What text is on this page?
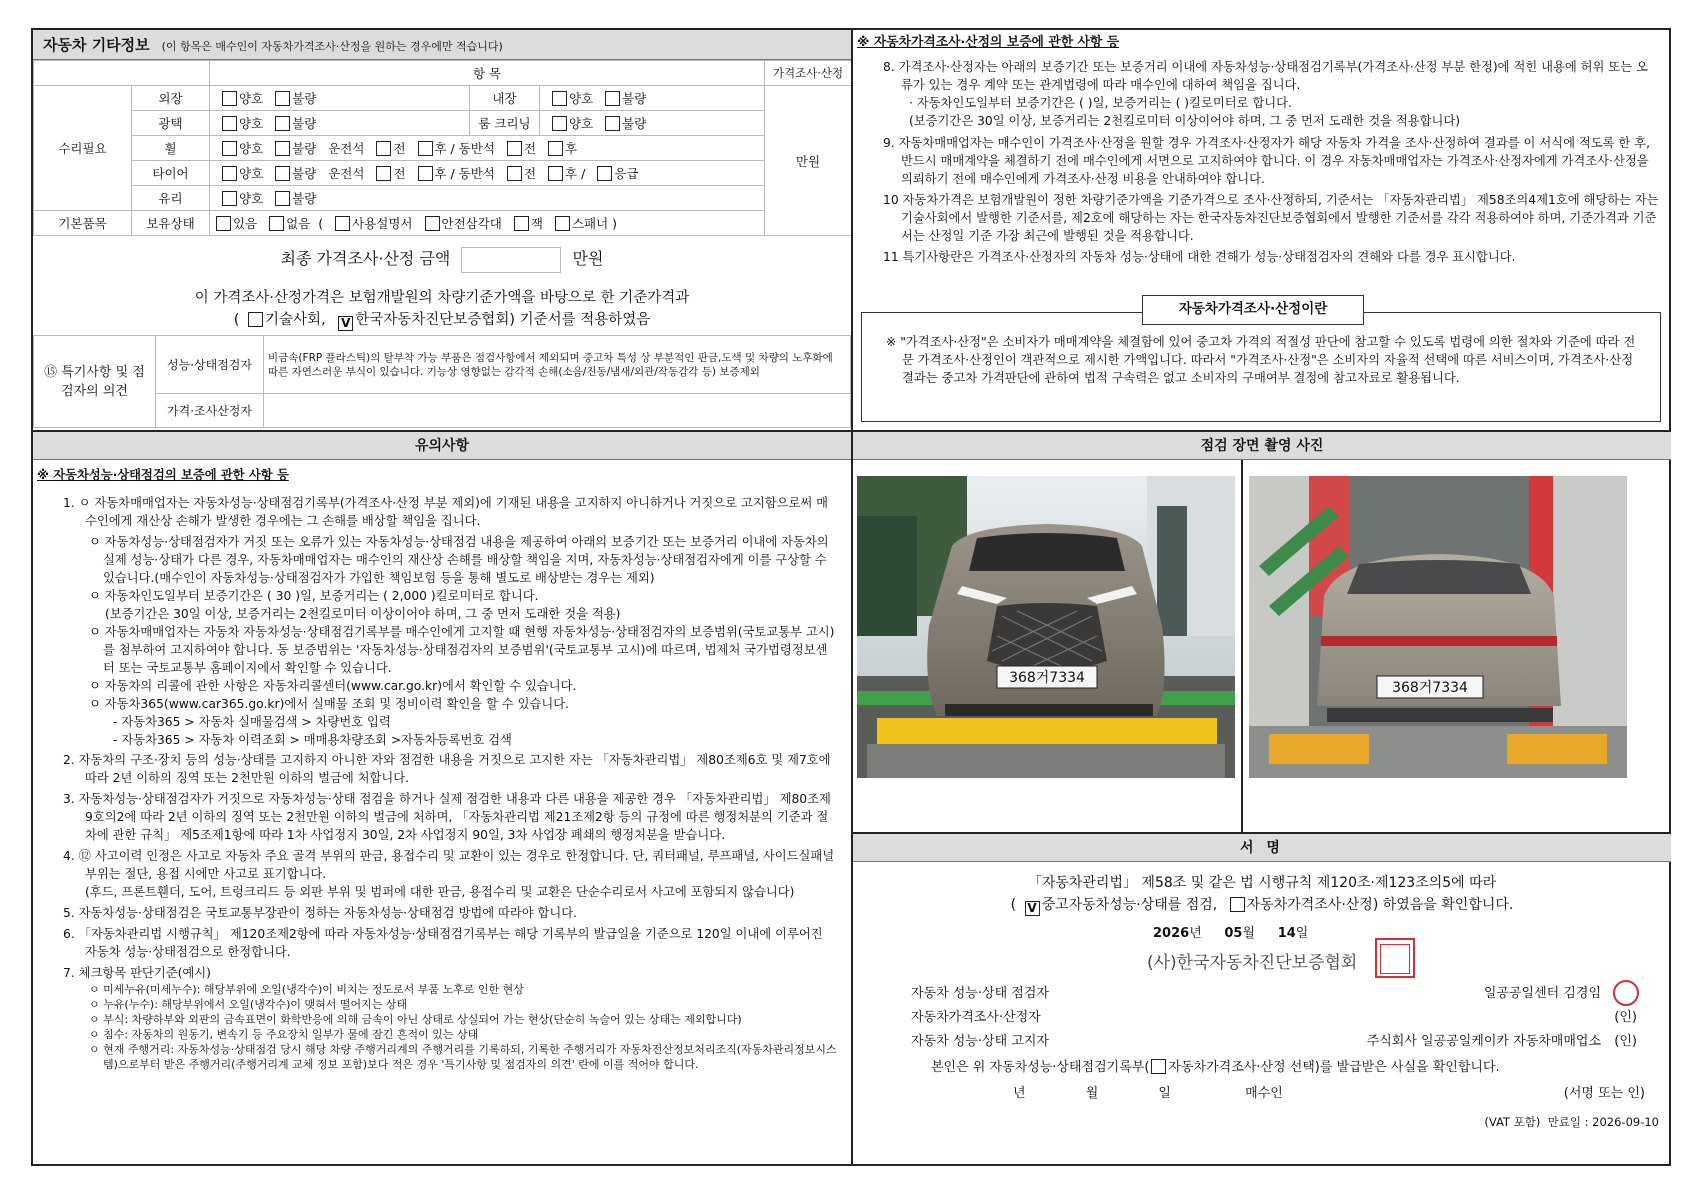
자동차 기타정보 (이 항목은 매수인이 자동차가격조사·산정을 원하는 경우에만 적습니다)
		항 목			가격조사·산정	
수리필요	외장	양호 불량	내장	양호 불량	만원	
	광택	양호 불량	룸 크리닝	양호 불량		
	휠	양호 불량 운전석 전 후 / 동반석 전 후				
	타이어	양호 불량 운전석 전 후 / 동반석 전 후 / 응급				
	유리	양호 불량				
기본품목	보유상태	있음 없음 ( 사용설명서 안전삼각대 잭 스패너 )				
최종 가격조사·산정 금액	만원
이 가격조사·산정가격은 보험개발원의 차량기준가액을 바탕으로 한 기준가격과
( 기술사회, V 한국자동차진단보증협회) 기준서를 적용하였음
⑮ 특기사항 및 점검자의 의견	성능·상태점검자	비금속(FRP 플라스틱)의 탈부착 가능 부품은 점검사항에서 제외되며 중고차 특성 상 부분적인 판금,도색 및 차량의 노후화에 따른 자연스러운 부식이 있습니다. 기능상 영향없는 감각적 손해(소음/진동/냄새/외관/작동감각 등) 보증제외
	가격·조사산정자	
유의사항
※ 자동차성능·상태점검의 보증에 관한 사항 등
1. ㅇ 자동차매매업자는 자동차성능·상태점검기록부(가격조사·산정 부분 제외)에 기재된 내용을 고지하지 아니하거나 거짓으로 고지함으로써 매수인에게 재산상 손해가 발생한 경우에는 그 손해를 배상할 책임을 집니다.
ㅇ 자동차성능·상태점검자가 거짓 또는 오류가 있는 자동차성능·상태점검 내용을 제공하여 아래의 보증기간 또는 보증거리 이내에 자동차의 실제 성능·상태가 다른 경우, 자동차매매업자는 매수인의 재산상 손해를 배상할 책임을 지며, 자동차성능·상태점검자에게 이를 구상할 수 있습니다.(매수인이 자동차성능·상태점검자가 가입한 책임보험 등을 통해 별도로 배상받는 경우는 제외)
ㅇ 자동차인도일부터 보증기간은 ( 30 )일, 보증거리는 ( 2,000 )킬로미터로 합니다.
(보증기간은 30일 이상, 보증거리는 2천킬로미터 이상이어야 하며, 그 중 먼저 도래한 것을 적용)
ㅇ 자동차매매업자는 자동차 자동차성능·상태점검기록부를 매수인에게 고지할 때 현행 자동차성능·상태점검자의 보증범위(국토교통부 고시)를 첨부하여 고지하여야 합니다. 동 보증범위는 '자동차성능·상태점검자의 보증범위'(국토교통부 고시)에 따르며, 법제처 국가법령정보센터 또는 국토교통부 홈페이지에서 확인할 수 있습니다.
ㅇ 자동차의 리콜에 관한 사항은 자동차리콜센터(www.car.go.kr)에서 확인할 수 있습니다.
ㅇ 자동차365(www.car365.go.kr)에서 실매물 조회 및 정비이력 확인을 할 수 있습니다.
- 자동차365 > 자동차 실매물검색 > 차량번호 입력
- 자동차365 > 자동차 이력조회 > 매매용차량조회 >자동차등록번호 검색
2. 자동차의 구조·장치 등의 성능·상태를 고지하지 아니한 자와 점검한 내용을 거짓으로 고지한 자는 「자동차관리법」 제80조제6호 및 제7호에 따라 2년 이하의 징역 또는 2천만원 이하의 벌금에 처합니다.
3. 자동차성능·상태점검자가 거짓으로 자동차성능·상태 점검을 하거나 실제 점검한 내용과 다른 내용을 제공한 경우 「자동차관리법」 제80조제9호의2에 따라 2년 이하의 징역 또는 2천만원 이하의 벌금에 처하며, 「자동차관리법 제21조제2항 등의 규정에 따른 행정처분의 기준과 절차에 관한 규칙」 제5조제1항에 따라 1차 사업정지 30일, 2차 사업정지 90일, 3차 사업장 폐쇄의 행정처분을 받습니다.
4. ⑫ 사고이력 인정은 사고로 자동차 주요 골격 부위의 판금, 용접수리 및 교환이 있는 경우로 한정합니다. 단, 쿼터패널, 루프패널, 사이드실패널 부위는 절단, 용접 시에만 사고로 표기합니다.
(후드, 프론트휀더, 도어, 트렁크리드 등 외판 부위 및 범퍼에 대한 판금, 용접수리 및 교환은 단순수리로서 사고에 포함되지 않습니다)
5. 자동차성능·상태점검은 국토교통부장관이 정하는 자동차성능·상태점검 방법에 따라야 합니다.
6. 「자동차관리법 시행규칙」 제120조제2항에 따라 자동차성능·상태점검기록부는 해당 기록부의 발급일을 기준으로 120일 이내에 이루어진 자동차 성능·상태점검으로 한정합니다.
7. 체크항목 판단기준(예시)
ㅇ 미세누유(미세누수): 해당부위에 오일(냉각수)이 비치는 정도로서 부품 노후로 인한 현상
ㅇ 누유(누수): 해당부위에서 오일(냉각수)이 맺혀서 떨어지는 상태
ㅇ 부식: 차량하부와 외판의 금속표면이 화학반응에 의해 금속이 아닌 상태로 상실되어 가는 현상(단순히 녹슬어 있는 상태는 제외합니다)
ㅇ 침수: 자동차의 원동기, 변속기 등 주요장치 일부가 물에 잠긴 흔적이 있는 상태
ㅇ 현재 주행거리: 자동차성능·상태점검 당시 해당 차량 주행거리계의 주행거리를 기록하되, 기록한 주행거리가 자동차전산정보처리조직(자동차관리정보시스템)으로부터 받은 주행거리(주행거리계 교체 정보 포함)보다 적은 경우 '특기사항 및 점검자의 의견' 란에 이를 적어야 합니다.
※ 자동차가격조사·산정의 보증에 관한 사항 등
8. 가격조사·산정자는 아래의 보증기간 또는 보증거리 이내에 자동차성능·상태점검기록부(가격조사·산정 부분 한정)에 적힌 내용에 허위 또는 오류가 있는 경우 계약 또는 관계법령에 따라 매수인에 대하여 책임을 집니다.
· 자동차인도일부터 보증기간은 ( )일, 보증거리는 ( )킬로미터로 합니다.
(보증기간은 30일 이상, 보증거리는 2천킬로미터 이상이어야 하며, 그 중 먼저 도래한 것을 적용합니다)
9. 자동차매매업자는 매수인이 가격조사·산정을 원할 경우 가격조사·산정자가 해당 자동차 가격을 조사·산정하여 결과를 이 서식에 적도록 한 후, 반드시 매매계약을 체결하기 전에 매수인에게 서면으로 고지하여야 합니다. 이 경우 자동차매매업자는 가격조사·산정자에게 가격조사·산정을 의뢰하기 전에 매수인에게 가격조사·산정 비용을 안내하여야 합니다.
10 자동차가격은 보험개발원이 정한 차량기준가액을 기준가격으로 조사·산정하되, 기준서는 「자동차관리법」 제58조의4제1호에 해당하는 자는 기술사회에서 발행한 기준서를, 제2호에 해당하는 자는 한국자동차진단보증협회에서 발행한 기준서를 각각 적용하여야 하며, 기준가격과 기준서는 산정일 기준 가장 최근에 발행된 것을 적용합니다.
11 특기사항란은 가격조사·산정자의 자동차 성능·상태에 대한 견해가 성능·상태점검자의 견해와 다를 경우 표시합니다.
자동차가격조사·산정이란
※ "가격조사·산정"은 소비자가 매매계약을 체결함에 있어 중고차 가격의 적절성 판단에 참고할 수 있도록 법령에 의한 절차와 기준에 따라 전문 가격조사·산정인이 객관적으로 제시한 가액입니다. 따라서 "가격조사·산정"은 소비자의 자율적 선택에 따른 서비스이며, 가격조사·산정 결과는 중고차 가격판단에 관하여 법적 구속력은 없고 소비자의 구매여부 결정에 참고자료로 활용됩니다.
점검 장면 촬영 사진
368거7334
368거7334
서 명
「자동차관리법」 제58조 및 같은 법 시행규칙 제120조·제123조의5에 따라
( V 중고자동차성능·상태를 점검, 자동차가격조사·산정) 하였음을 확인합니다.
2026년 05월 14일
(사)한국자동차진단보증협회
자동차 성능·상태 점검자	일공공일센터 김경임
자동차가격조사·산정자	(인)
자동차 성능·상태 고지자	주식회사 일공공일케이카 자동차매매업소 (인)
본인은 위 자동차성능·상태점검기록부( 자동차가격조사·산정 선택)를 발급받은 사실을 확인합니다.
년	월	일	매수인	(서명 또는 인)
(VAT 포함) 만료일 : 2026-09-10
